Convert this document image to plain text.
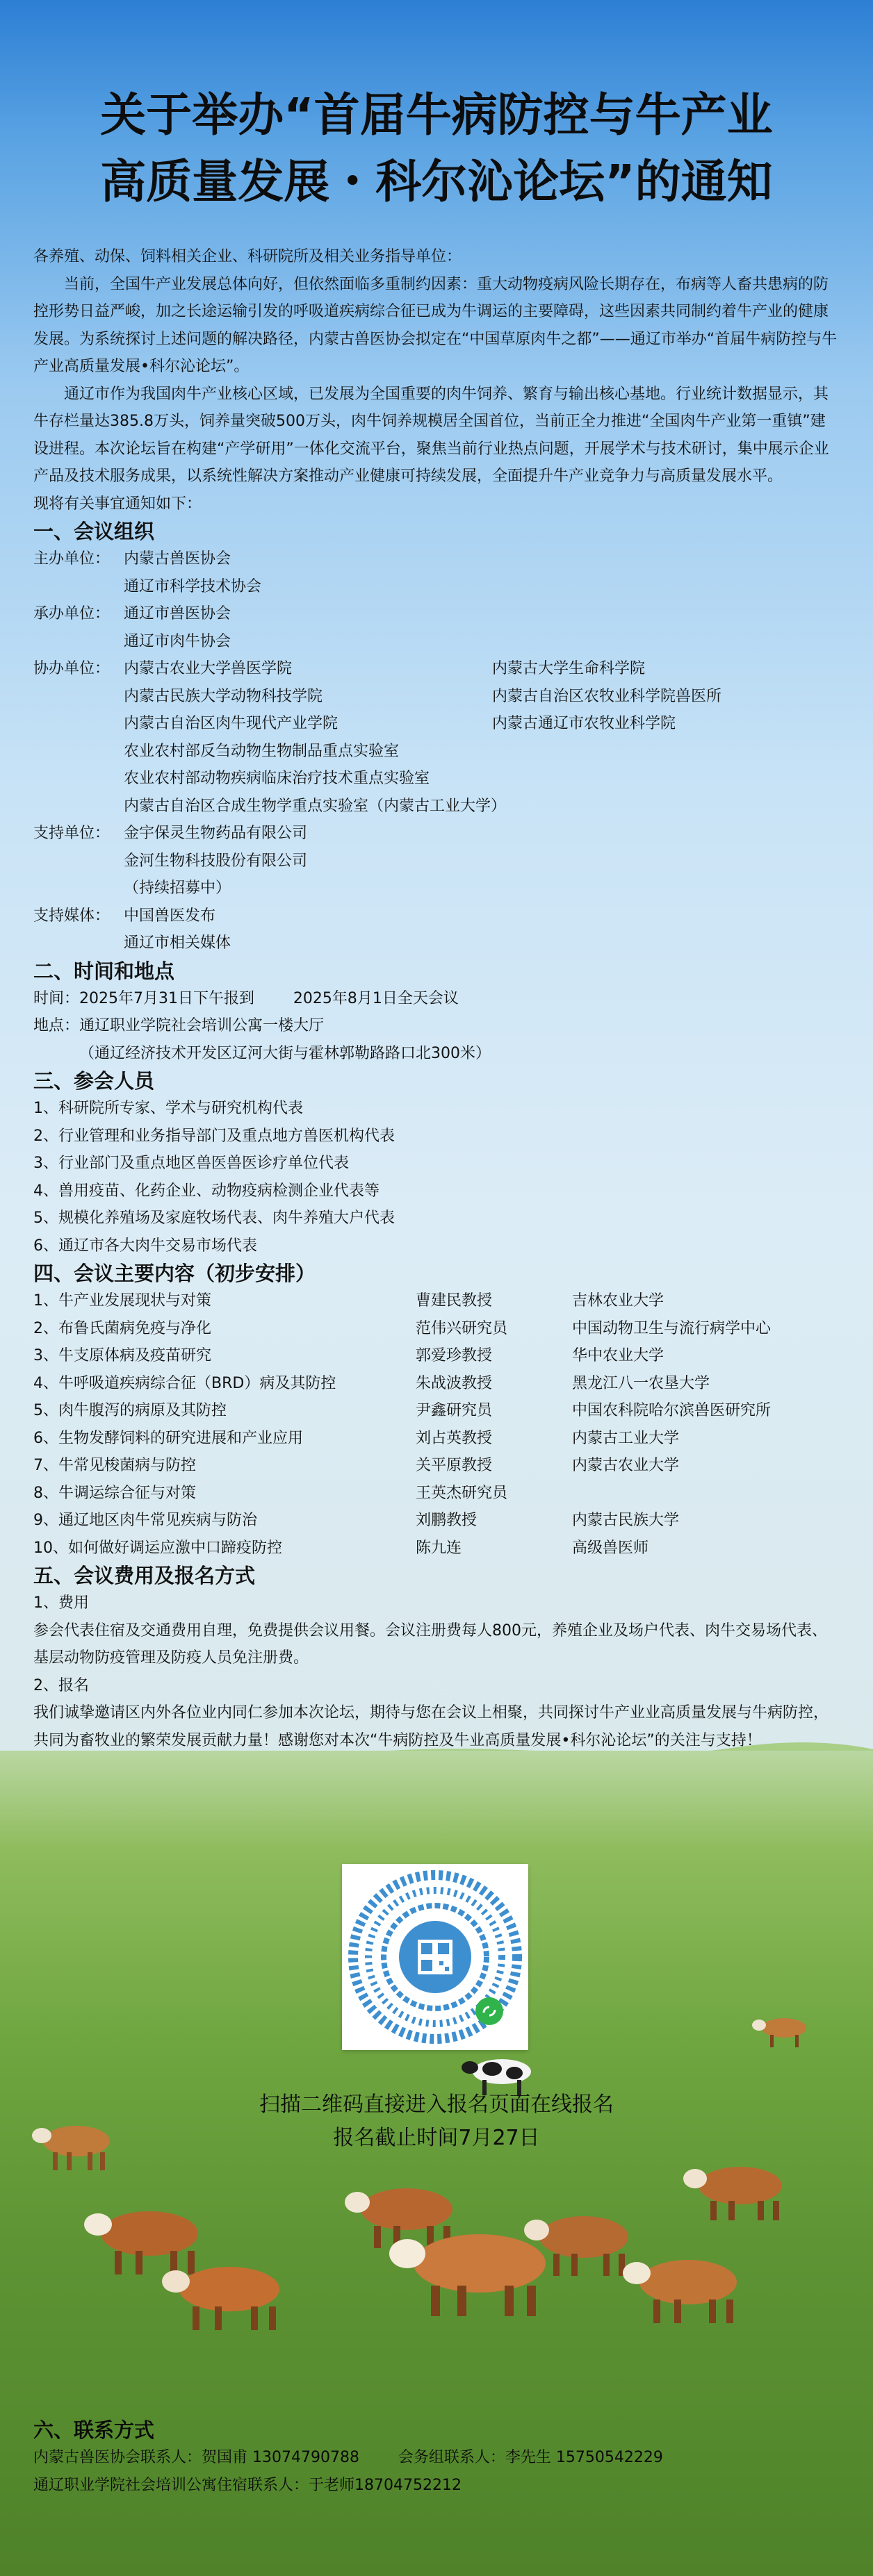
关于举办“首届牛病防控与牛产业
高质量发展・科尔沁论坛”的通知

各养殖、动保、饲料相关企业、科研院所及相关业务指导单位：

当前，全国牛产业发展总体向好，但依然面临多重制约因素：重大动物疫病风险长期存在，布病等人畜共患病的防控形势日益严峻，加之长途运输引发的呼吸道疾病综合征已成为牛调运的主要障碍，这些因素共同制约着牛产业的健康发展。为系统探讨上述问题的解决路径，内蒙古兽医协会拟定在“中国草原肉牛之都”——通辽市举办“首届牛病防控与牛产业高质量发展•科尔沁论坛”。

通辽市作为我国肉牛产业核心区域，已发展为全国重要的肉牛饲养、繁育与输出核心基地。行业统计数据显示，其牛存栏量达385.8万头，饲养量突破500万头，肉牛饲养规模居全国首位，当前正全力推进“全国肉牛产业第一重镇”建设进程。本次论坛旨在构建“产学研用”一体化交流平台，聚焦当前行业热点问题，开展学术与技术研讨，集中展示企业产品及技术服务成果，以系统性解决方案推动产业健康可持续发展，全面提升牛产业竞争力与高质量发展水平。

现将有关事宜通知如下：

一、会议组织

主办单位： 内蒙古兽医协会
通辽市科学技术协会
承办单位： 通辽市兽医协会
通辽市肉牛协会
协办单位： 内蒙古农业大学兽医学院	内蒙古大学生命科学院
内蒙古民族大学动物科技学院	内蒙古自治区农牧业科学院兽医所
内蒙古自治区肉牛现代产业学院	内蒙古通辽市农牧业科学院
农业农村部反刍动物生物制品重点实验室
农业农村部动物疾病临床治疗技术重点实验室
内蒙古自治区合成生物学重点实验室（内蒙古工业大学）
支持单位： 金宇保灵生物药品有限公司
金河生物科技股份有限公司
（持续招募中）
支持媒体： 中国兽医发布
通辽市相关媒体

二、时间和地点

时间：2025年7月31日下午报到        2025年8月1日全天会议

地点：通辽职业学院社会培训公寓一楼大厅

（通辽经济技术开发区辽河大街与霍林郭勒路路口北300米）

三、参会人员

1、科研院所专家、学术与研究机构代表

2、行业管理和业务指导部门及重点地方兽医机构代表

3、行业部门及重点地区兽医兽医诊疗单位代表

4、兽用疫苗、化药企业、动物疫病检测企业代表等

5、规模化养殖场及家庭牧场代表、肉牛养殖大户代表

6、通辽市各大肉牛交易市场代表

四、会议主要内容（初步安排）

1、牛产业发展现状与对策	曹建民教授	吉林农业大学
2、布鲁氏菌病免疫与净化	范伟兴研究员	中国动物卫生与流行病学中心
3、牛支原体病及疫苗研究	郭爱珍教授	华中农业大学
4、牛呼吸道疾病综合征（BRD）病及其防控	朱战波教授	黑龙江八一农垦大学
5、肉牛腹泻的病原及其防控	尹鑫研究员	中国农科院哈尔滨兽医研究所
6、生物发酵饲料的研究进展和产业应用	刘占英教授	内蒙古工业大学
7、牛常见梭菌病与防控	关平原教授	内蒙古农业大学
8、牛调运综合征与对策	王英杰研究员
9、通辽地区肉牛常见疾病与防治	刘鹏教授	内蒙古民族大学
10、如何做好调运应激中口蹄疫防控	陈九连	高级兽医师

五、会议费用及报名方式

1、费用

参会代表住宿及交通费用自理，免费提供会议用餐。会议注册费每人800元，养殖企业及场户代表、肉牛交易场代表、基层动物防疫管理及防疫人员免注册费。

2、报名

我们诚挚邀请区内外各位业内同仁参加本次论坛，期待与您在会议上相聚，共同探讨牛产业业高质量发展与牛病防控，共同为畜牧业的繁荣发展贡献力量！感谢您对本次“牛病防控及牛业高质量发展•科尔沁论坛”的关注与支持！

扫描二维码直接进入报名页面在线报名
报名截止时间7月27日

六、联系方式

内蒙古兽医协会联系人：贺国甫 13074790788        会务组联系人：李先生 15750542229

通辽职业学院社会培训公寓住宿联系人：于老师18704752212
